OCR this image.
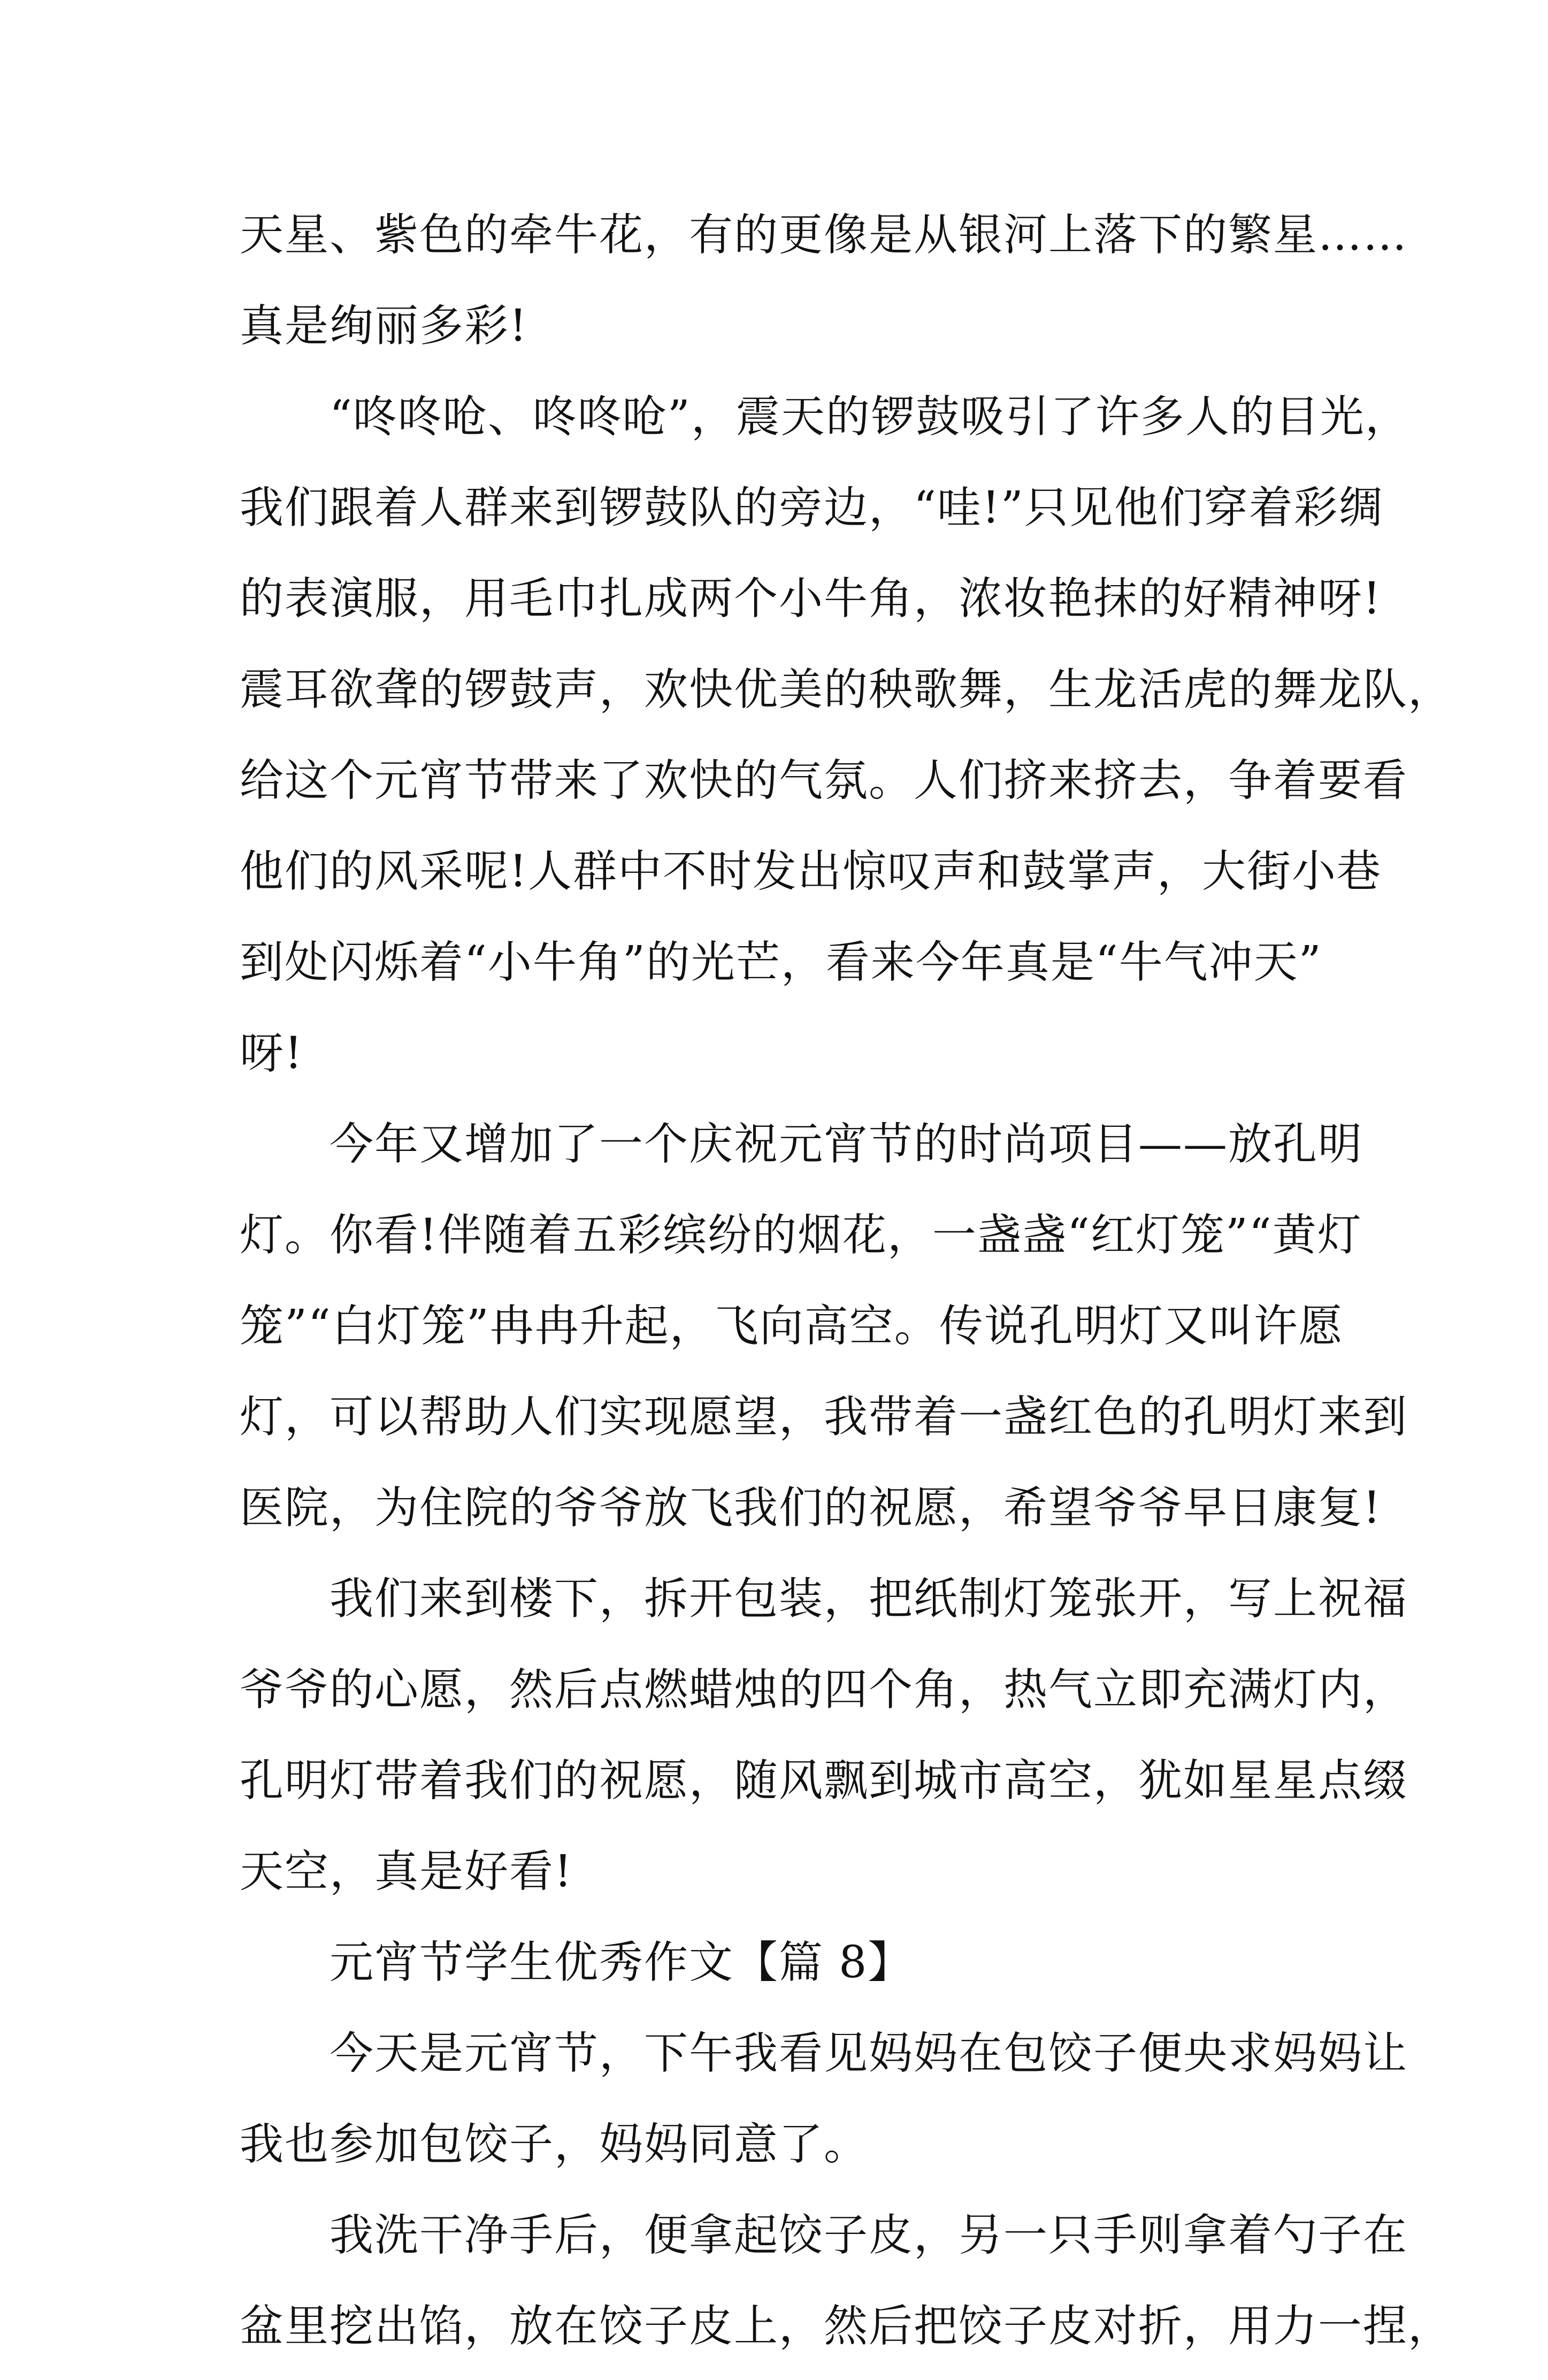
天星、紫色的牵牛花，有的更像是从银河上落下的繁星……
真是绚丽多彩!
“咚咚呛、咚咚呛”，震天的锣鼓吸引了许多人的目光，
我们跟着人群来到锣鼓队的旁边，“哇!”只见他们穿着彩绸
的表演服，用毛巾扎成两个小牛角，浓妆艳抹的好精神呀!
震耳欲聋的锣鼓声，欢快优美的秧歌舞，生龙活虎的舞龙队，
给这个元宵节带来了欢快的气氛。人们挤来挤去，争着要看
他们的风采呢!人群中不时发出惊叹声和鼓掌声，大街小巷
到处闪烁着“小牛角”的光芒，看来今年真是“牛气冲天”
呀!
今年又增加了一个庆祝元宵节的时尚项目——放孔明
灯。你看!伴随着五彩缤纷的烟花，一盏盏“红灯笼”“黄灯
笼”“白灯笼”冉冉升起，飞向高空。传说孔明灯又叫许愿
灯，可以帮助人们实现愿望，我带着一盏红色的孔明灯来到
医院，为住院的爷爷放飞我们的祝愿，希望爷爷早日康复!
我们来到楼下，拆开包装，把纸制灯笼张开，写上祝福
爷爷的心愿，然后点燃蜡烛的四个角，热气立即充满灯内，
孔明灯带着我们的祝愿，随风飘到城市高空，犹如星星点缀
天空，真是好看!
元宵节学生优秀作文【篇 8】
今天是元宵节，下午我看见妈妈在包饺子便央求妈妈让
我也参加包饺子，妈妈同意了。
我洗干净手后，便拿起饺子皮，另一只手则拿着勺子在
盆里挖出馅，放在饺子皮上，然后把饺子皮对折，用力一捏，
